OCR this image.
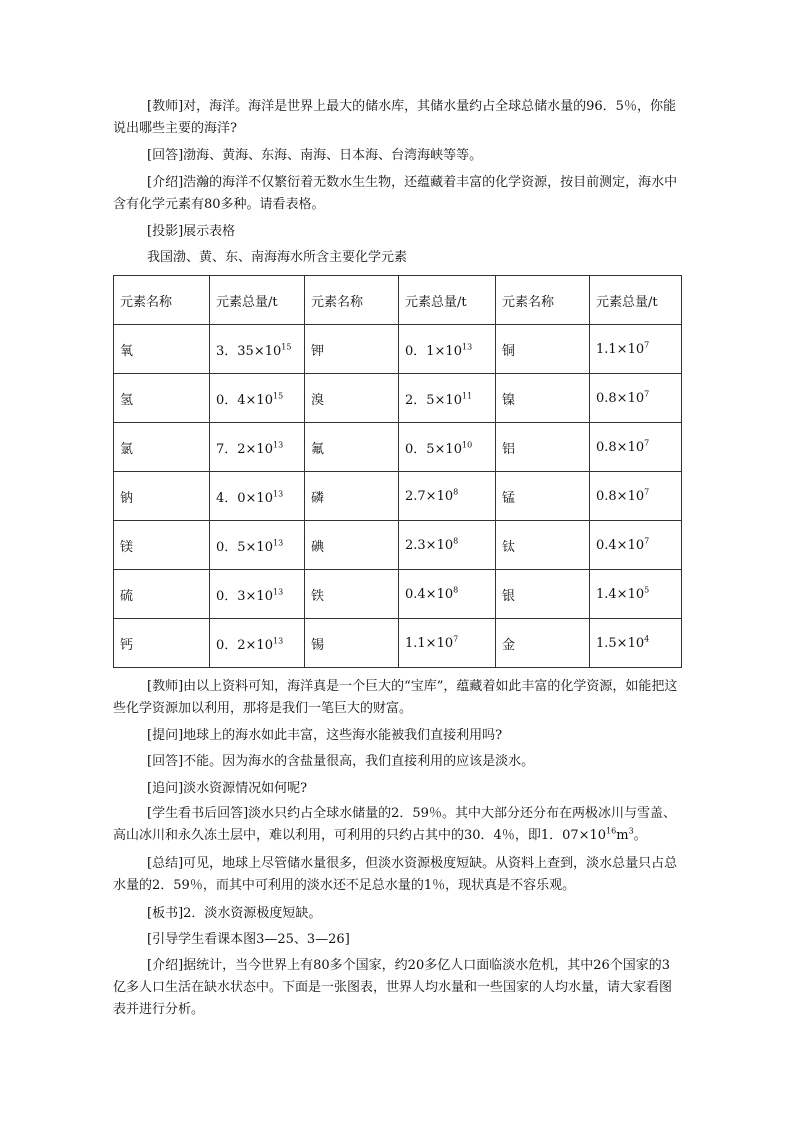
[教师]对，海洋。海洋是世界上最大的储水库，其储水量约占全球总储水量的96．5％，你能说出哪些主要的海洋?

[回答]渤海、黄海、东海、南海、日本海、台湾海峡等等。

[介绍]浩瀚的海洋不仅繁衍着无数水生生物，还蕴藏着丰富的化学资源，按目前测定，海水中含有化学元素有80多种。请看表格。

[投影]展示表格

我国渤、黄、东、南海海水所含主要化学元素

元素名称	元素总量/t	元素名称	元素总量/t	元素名称	元素总量/t
氧	3．$35\times 10^{15}$	钾	0．$1\times 10^{13}$	铜	$1.1\times 10^7$
氢	0．$4\times 10^{15}$	溴	2．$5\times 10^{11}$	镍	$0.8\times 10^7$
氯	7．$2\times 10^{13}$	氟	0．$5\times 10^{10}$	铝	$0.8\times 10^7$
钠	4．$0\times 10^{13}$	磷	$2.7\times 10^8$	锰	$0.8\times 10^7$
镁	0．$5\times 10^{13}$	碘	$2.3\times 10^8$	钛	$0.4\times 10^7$
硫	0．$3\times 10^{13}$	铁	$0.4\times 10^8$	银	$1.4\times 10^5$
钙	0．$2\times 10^{13}$	锡	$1.1\times 10^7$	金	$1.5\times 10^4$

[教师]由以上资料可知，海洋真是一个巨大的“宝库”，蕴藏着如此丰富的化学资源，如能把这些化学资源加以利用，那将是我们一笔巨大的财富。

[提问]地球上的海水如此丰富，这些海水能被我们直接利用吗?

[回答]不能。因为海水的含盐量很高，我们直接利用的应该是淡水。

[追问]淡水资源情况如何呢?

[学生看书后回答]淡水只约占全球水储量的2．59％。其中大部分还分布在两极冰川与雪盖、高山冰川和永久冻土层中，难以利用，可利用的只约占其中的30．4％，即1．$07\times 10^{16}m^3$。

[总结]可见，地球上尽管储水量很多，但淡水资源极度短缺。从资料上查到，淡水总量只占总水量的2．59％，而其中可利用的淡水还不足总水量的1％，现状真是不容乐观。

[板书]2．淡水资源极度短缺。

[引导学生看课本图3—25、3—26]

[介绍]据统计，当今世界上有80多个国家，约20多亿人口面临淡水危机，其中26个国家的3亿多人口生活在缺水状态中。下面是一张图表，世界人均水量和一些国家的人均水量，请大家看图表并进行分析。
